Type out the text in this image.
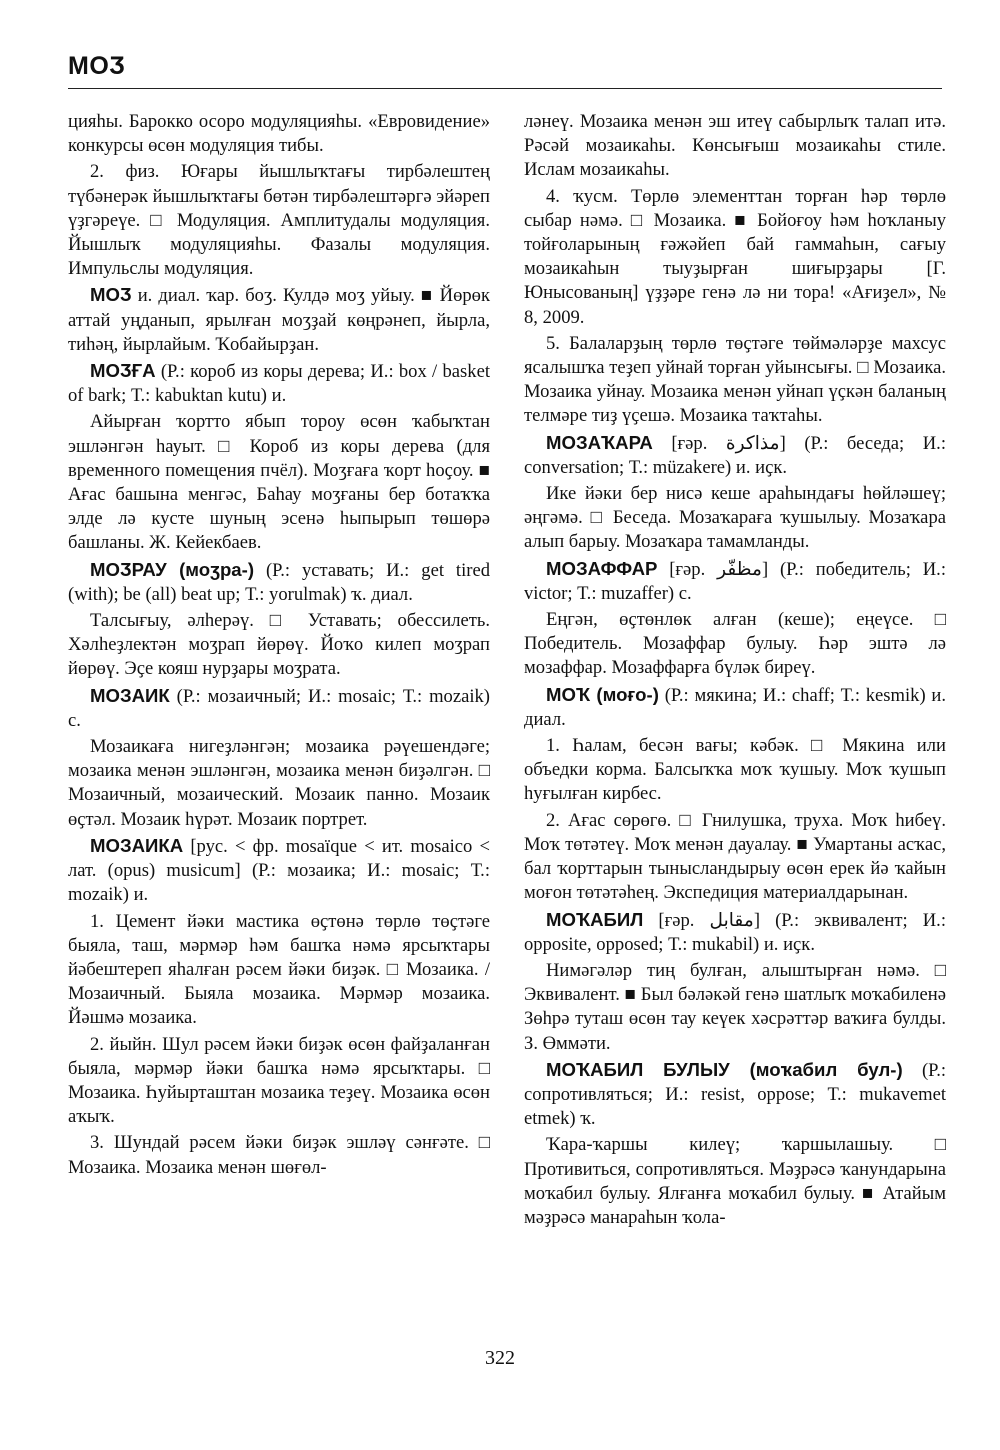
МОӠ

цияһы. Барокко осоро модуляцияһы. «Евровидение» конкурсы өсөн модуляция тибы.

2. физ. Юғары йышлыҡтағы тирбәлештең түбәнерәк йышлыҡтағы бөтән тирбәлештәргә эйәреп үҙгәреүе. □ Модуляция. Амплитудалы модуляция. Йышлыҡ модуляцияһы. Фазалы модуляция. Импульслы модуляция.

МОӠ и. диал. ҡар. боӡ. Кулдә моӡ уйыу. ■ Йөрөк аттай уңданып, ярылған моӡҙай көңрәнеп, йырла, тиһәң, йырлайым. Ҡобайырҙан.

МОӠҒА (Р.: короб из коры дерева; И.: box / basket of bark; Т.: kabuktan kutu) и.

Айырған ҡортто ябып тороу өсөн ҡабыҡтан эшләнгән һауыт. □ Короб из коры дерева (для временного помещения пчёл). Моӡғаға ҡорт һоҫоу. ■ Ағас башына менгәс, Баһау моӡғаны бер ботаҡҡа элде лә кусте шуның эсенә һыпырып төшөрә башланы. Ж. Кейекбаев.

МОӠРАУ (моӡра-) (Р.: уставать; И.: get tired (with); be (all) beat up; Т.: yorulmak) ҡ. диал.

Талсығыу, әлһерәү. □ Уставать; обессилеть. Хәлһеҙлектән моӡрап йөрөү. Йоҡо килеп моӡрап йөрөү. Эҫе кояш нурҙары моӡрата.

МОЗАИК (Р.: мозаичный; И.: mosaic; Т.: mozaik) с.

Мозаикаға нигеҙләнгән; мозаика рәүешендәге; мозаика менән эшләнгән, мозаика менән биҙәлгән. □ Мозаичный, мозаический. Мозаик панно. Мозаик өҫтәл. Мозаик һүрәт. Мозаик портрет.

МОЗАИКА [рус. < фр. mosaïque < ит. mosaico < лат. (opus) musicum] (Р.: мозаика; И.: mosaic; Т.: mozaik) и.

1. Цемент йәки мастика өҫтөнә төрлө төҫтәге быяла, таш, мәрмәр һәм башҡа нәмә ярсыҡтары йәбештереп яһалған рәсем йәки биҙәк. □ Мозаика. / Мозаичный. Быяла мозаика. Мәрмәр мозаика. Йәшмә мозаика.

2. йыйн. Шул рәсем йәки биҙәк өсөн файҙаланған быяла, мәрмәр йәки башҡа нәмә ярсыҡтары. □ Мозаика. Һуйырташтан мозаика теҙеү. Мозаика өсөн аҡыҡ.

3. Шундай рәсем йәки биҙәк эшләү сәнғәте. □ Мозаика. Мозаика менән шөғөл-

ләнеү. Мозаика менән эш итеү сабырлыҡ талап итә. Рәсәй мозаикаһы. Көнсығыш мозаикаһы стиле. Ислам мозаикаһы.

4. ҡусм. Төрлө элементтан торған һәр төрлө сыбар нәмә. □ Мозаика. ■ Бойоғоу һәм һоҡланыу тойғоларының ғәжәйеп бай гаммаһын, сағыу мозаикаһын тыуҙырған шиғырҙары [Г. Юнысованың] үҙҙәре генә лә ни тора! «Ағиҙел», № 8, 2009.

5. Балаларҙың төрлө төҫтәге төймәләрҙе махсус ясалышҡа теҙеп уйнай торған уйынсығы. □ Мозаика. Мозаика уйнау. Мозаика менән уйнап үҫкән баланың телмәре тиҙ үҫешә. Мозаика таҡтаһы.

МОЗАҠАРА [ғәр. مذاكرة] (Р.: беседа; И.: conversation; Т.: müzakere) и. иҫк.

Ике йәки бер нисә кеше араһындағы һөйләшеү; әңгәмә. □ Беседа. Мозаҡараға ҡушылыу. Мозаҡара алып барыу. Мозаҡара тамамланды.

МОЗАФФАР [ғәр. مظفّر] (Р.: победитель; И.: victor; Т.: muzaffer) с.

Еңгән, өҫтөнлөк алған (кеше); еңеүсе. □ Победитель. Мозаффар булыу. Һәр эштә лә мозаффар. Мозаффарға бүләк биреү.

МОҠ (моғо-) (Р.: мякина; И.: chaff; Т.: kesmik) и. диал.

1. Һалам, бесән вағы; кәбәк. □ Мякина или объедки корма. Балсыҡҡа моҡ ҡушыу. Моҡ ҡушып һуғылған кирбес.

2. Ағас сөрөгө. □ Гнилушка, труха. Моҡ һибеү. Моҡ төтәтеү. Моҡ менән дауалау. ■ Умартаны асҡас, бал ҡорттарын тынысландырыу өсөн ерек йә ҡайын моғон төтәтәһең. Экспедиция материалдарынан.

МОҠАБИЛ [ғәр. مقابل] (Р.: эквивалент; И.: opposite, opposed; Т.: mukabil) и. иҫк.

Нимәгәләр тиң булған, алыштырған нәмә. □ Эквивалент. ■ Был бәләкәй генә шатлыҡ моҡабиленә Зөһрә туташ өсөн тау кеүек хәсрәттәр ваҡиға булды. З. Өммәти.

МОҠАБИЛ БУЛЫУ (моҡабил бул-) (Р.: сопротивляться; И.: resist, oppose; Т.: mukavemet etmek) ҡ.

Ҡара-ҡаршы килеү; ҡаршылашыу. □ Противиться, сопротивляться. Мәҙрәсә ҡанундарына моҡабил булыу. Ялғанға моҡабил булыу. ■ Атайым мәҙрәсә манараһын ҡола-

322
